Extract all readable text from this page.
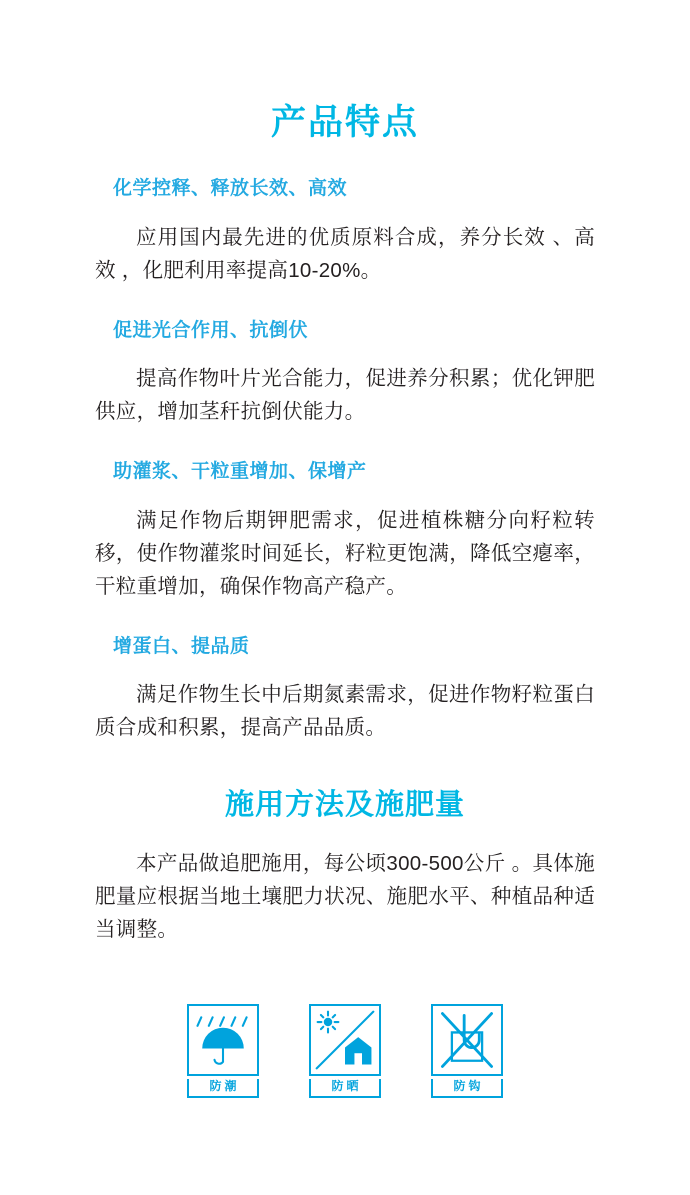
产品特点
化学控释、释放长效、高效

应用国内最先进的优质原料合成，养分长效 、高效 ，化肥利用率提高10-20%。

促进光合作用、抗倒伏

提高作物叶片光合能力，促进养分积累；优化钾肥供应，增加茎秆抗倒伏能力。

助灌浆、干粒重增加、保增产

满足作物后期钾肥需求，促进植株糖分向籽粒转移，使作物灌浆时间延长，籽粒更饱满，降低空瘪率，干粒重增加，确保作物高产稳产。

增蛋白、提品质

满足作物生长中后期氮素需求，促进作物籽粒蛋白质合成和积累，提高产品品质。

施用方法及施肥量

本产品做追肥施用，每公顷300-500公斤 。具体施肥量应根据当地土壤肥力状况、施肥水平、种植品种适当调整。

防潮	防晒	防钩
